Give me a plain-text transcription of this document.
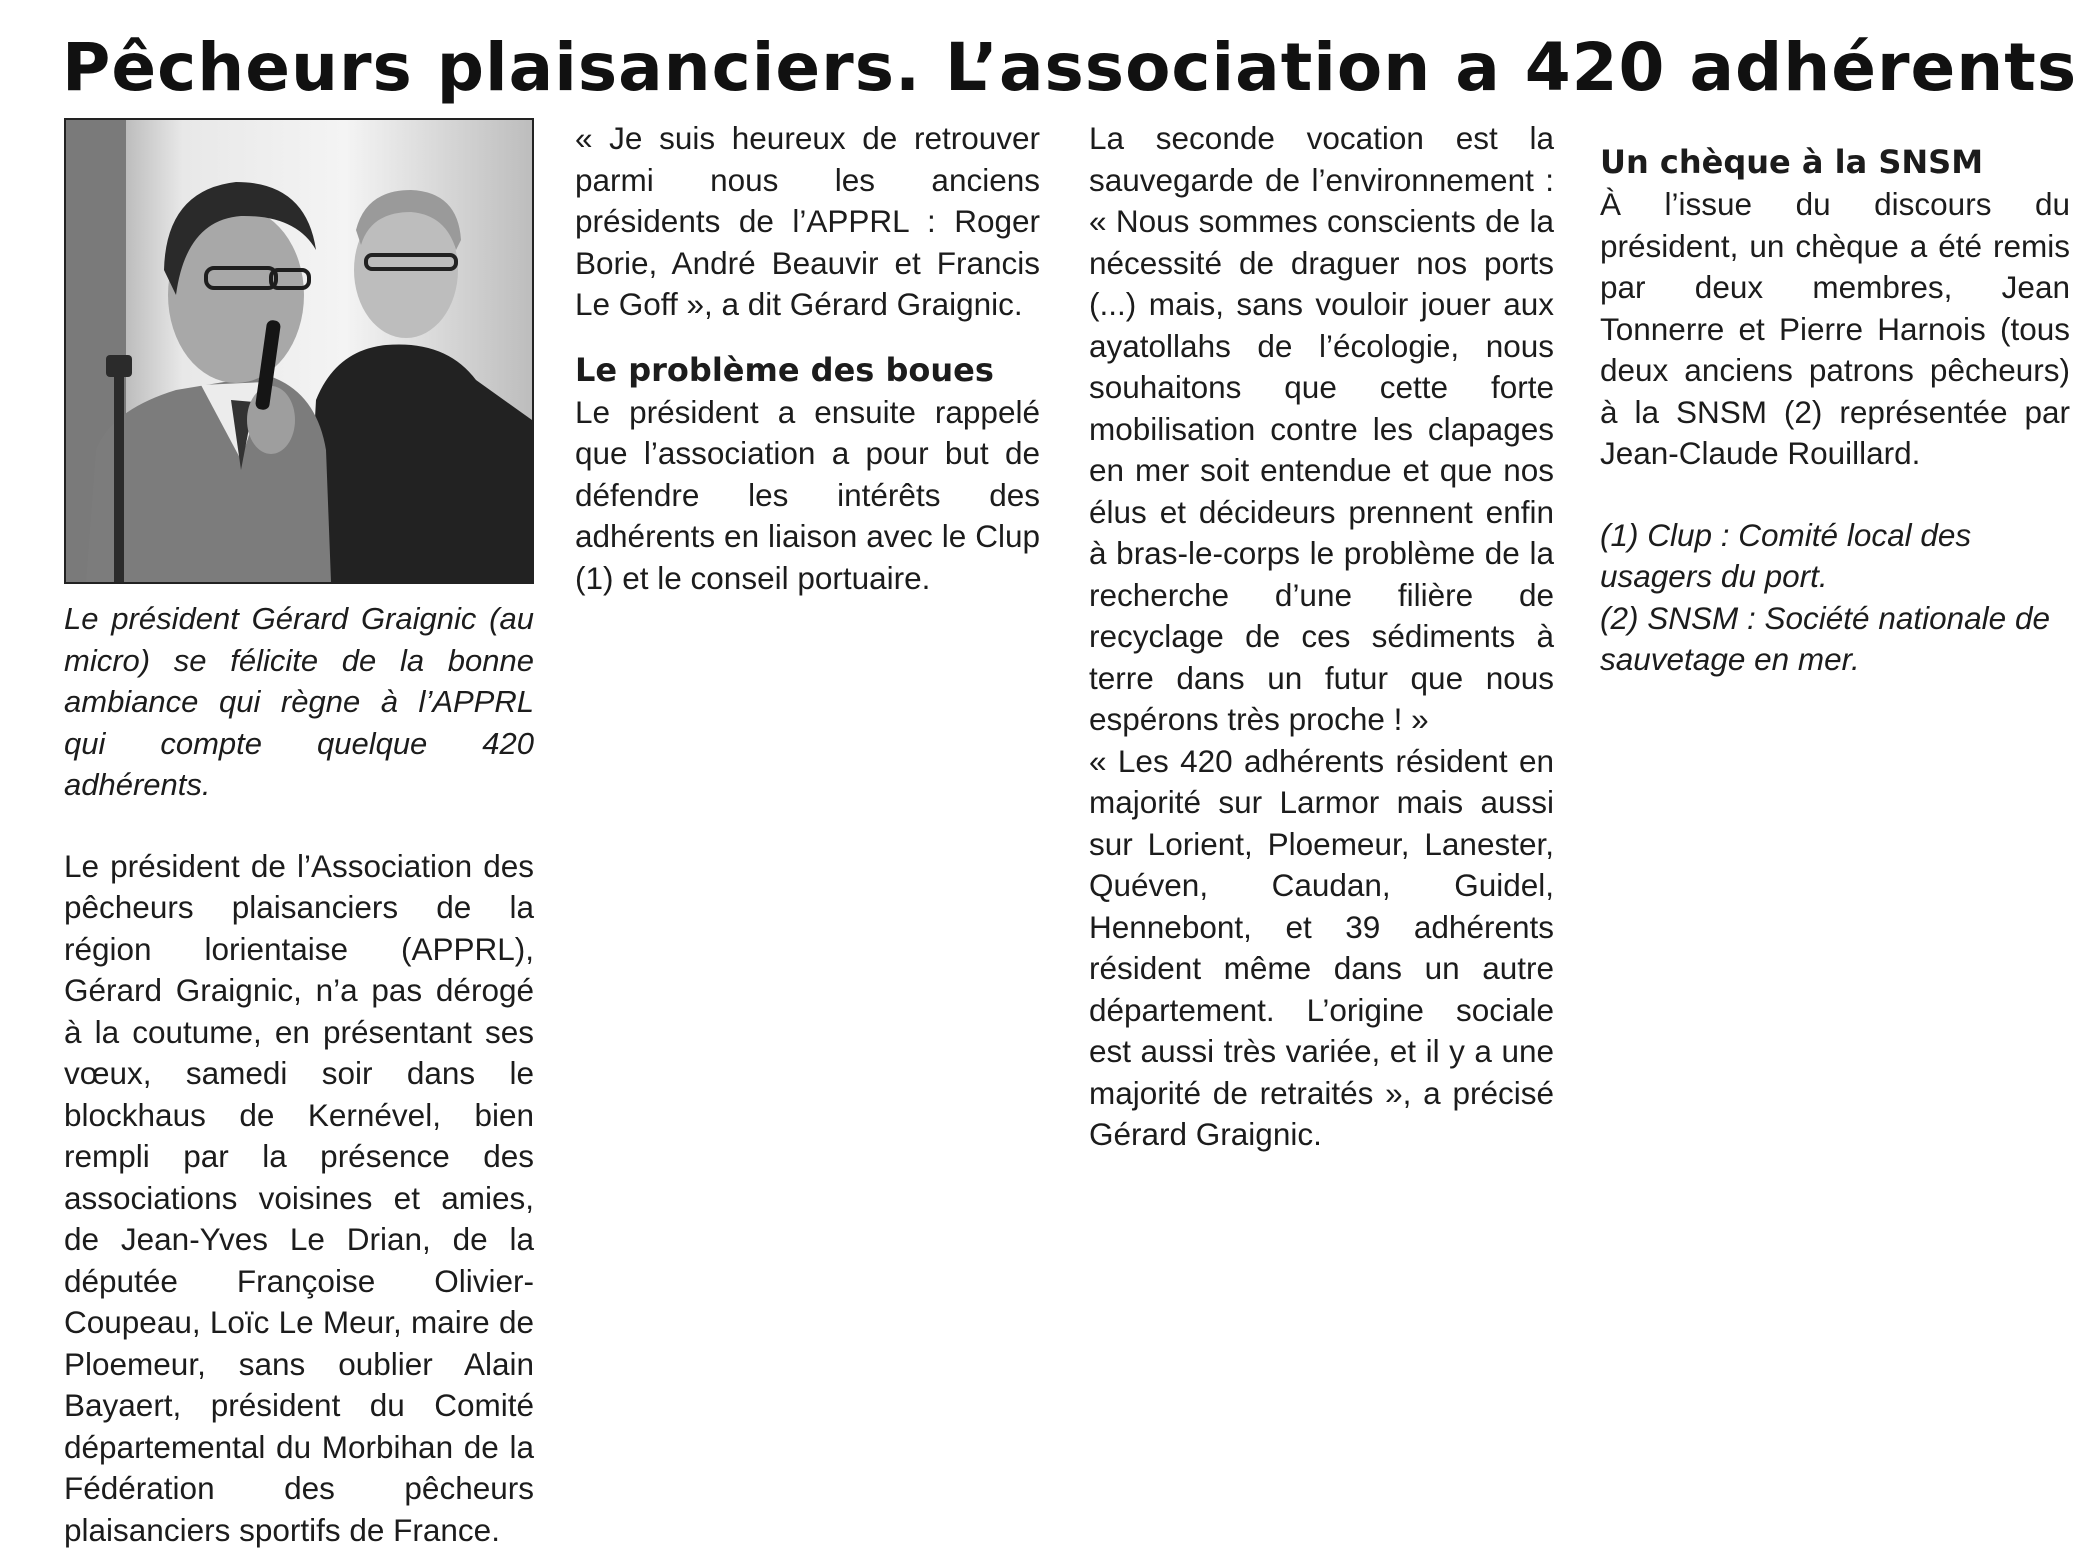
Pêcheurs plaisanciers. L’association a 420 adhérents

Le président Gérard Graignic (au micro) se félicite de la bonne ambiance qui règne à l’APPRL qui compte quelque 420 adhérents.

Le président de l’Association des pêcheurs plaisanciers de la région lorientaise (APPRL), Gérard Graignic, n’a pas dérogé à la coutume, en présentant ses vœux, samedi soir dans le blockhaus de Kernével, bien rempli par la présence des associations voisines et amies, de Jean-Yves Le Drian, de la députée Françoise Olivier-Coupeau, Loïc Le Meur, maire de Ploemeur, sans oublier Alain Bayaert, président du Comité départemental du Morbihan de la Fédération des pêcheurs plaisanciers sportifs de France.

« Je suis heureux de retrouver parmi nous les anciens présidents de l’APPRL : Roger Borie, André Beauvir et Francis Le Goff », a dit Gérard Graignic.

Le problème des boues

Le président a ensuite rappelé que l’association a pour but de défendre les intérêts des adhérents en liaison avec le Clup (1) et le conseil portuaire.

La seconde vocation est la sauvegarde de l’environnement : « Nous sommes conscients de la nécessité de draguer nos ports (...) mais, sans vouloir jouer aux ayatollahs de l’écologie, nous souhaitons que cette forte mobilisation contre les clapages en mer soit entendue et que nos élus et décideurs prennent enfin à bras-le-corps le problème de la recherche d’une filière de recyclage de ces sédiments à terre dans un futur que nous espérons très proche ! »

« Les 420 adhérents résident en majorité sur Larmor mais aussi sur Lorient, Ploemeur, Lanester, Quéven, Caudan, Guidel, Hennebont, et 39 adhérents résident même dans un autre département. L’origine sociale est aussi très variée, et il y a une majorité de retraités », a précisé Gérard Graignic.

Un chèque à la SNSM

À l’issue du discours du président, un chèque a été remis par deux membres, Jean Tonnerre et Pierre Harnois (tous deux anciens patrons pêcheurs) à la SNSM (2) représentée par Jean-Claude Rouillard.

(1) Clup : Comité local des usagers du port.

(2) SNSM : Société nationale de sauvetage en mer.
